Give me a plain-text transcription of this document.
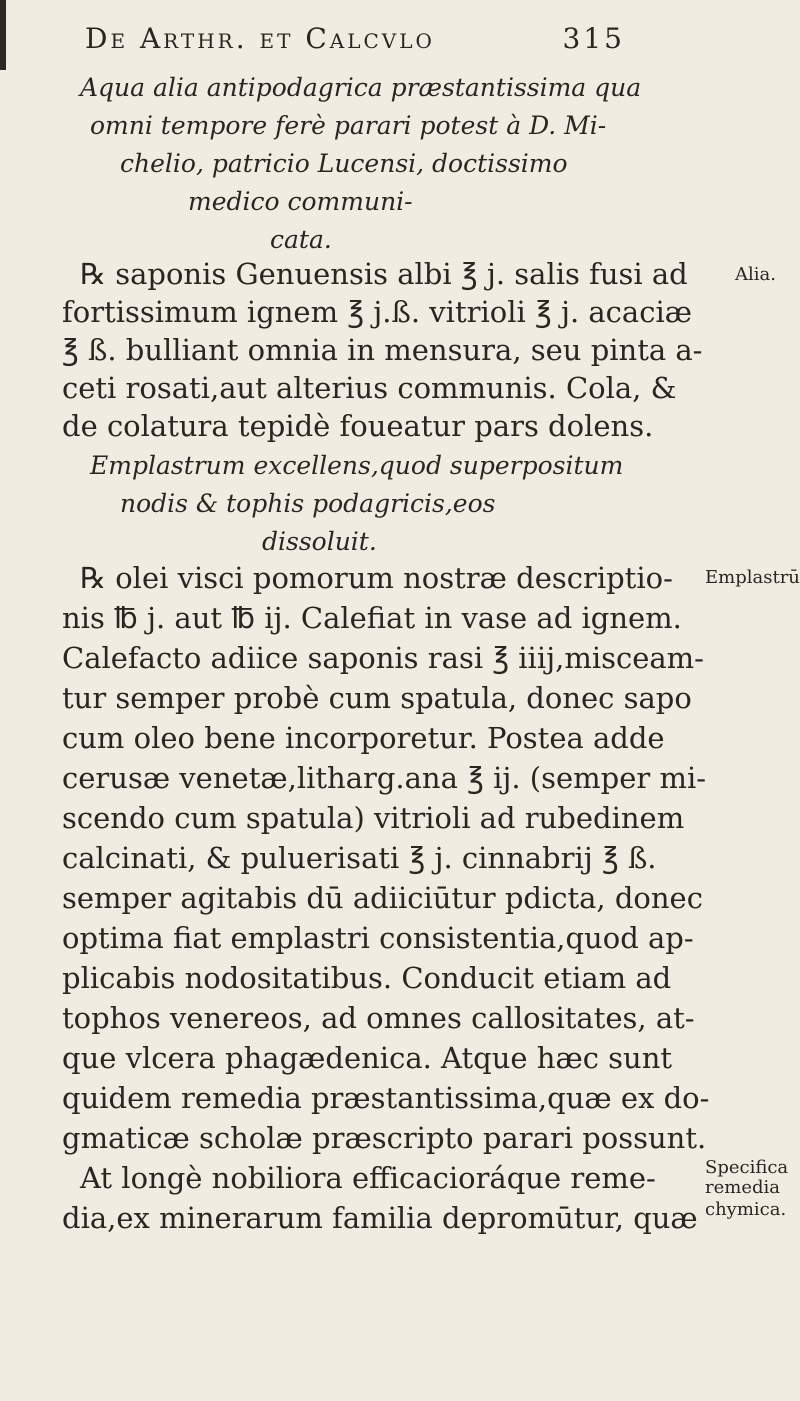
De Arthr. et Calcvlo	315
Aqua alia antipodagrica præstantissima qua
omni tempore ferè parari potest à D. Mi-
chelio, patricio Lucensi, doctissimo
medico communi-
cata.
℞ saponis Genuensis albi ℥ j. salis fusi ad
fortissimum ignem ℥ j.ß. vitrioli ℥ j. acaciæ
℥ ß. bulliant omnia in mensura, seu pinta a-
ceti rosati,aut alterius communis. Cola, &
de colatura tepidè foueatur pars dolens.
Emplastrum excellens,quod superpositum
nodis & tophis podagricis,eos
dissoluit.
℞ olei visci pomorum nostræ descriptio-
nis ℔ j. aut ℔ ij. Calefiat in vase ad ignem.
Calefacto adiice saponis rasi ℥ iiij,misceam-
tur semper probè cum spatula, donec sapo
cum oleo bene incorporetur. Postea adde
cerusæ venetæ,litharg.ana ℥ ij. (semper mi-
scendo cum spatula) vitrioli ad rubedinem
calcinati, & puluerisati ℥ j. cinnabrij ℥ ß.
semper agitabis dū adiiciūtur pdicta, donec
optima fiat emplastri consistentia,quod ap-
plicabis nodositatibus. Conducit etiam ad
tophos venereos, ad omnes callositates, at-
que vlcera phagædenica. Atque hæc sunt
quidem remedia præstantissima,quæ ex do-
gmaticæ scholæ præscripto parari possunt.
At longè nobiliora efficacioráque reme-
dia,ex minerarum familia depromūtur, quæ
Alia.
Emplastrū
Specifica
remedia
chymica.
